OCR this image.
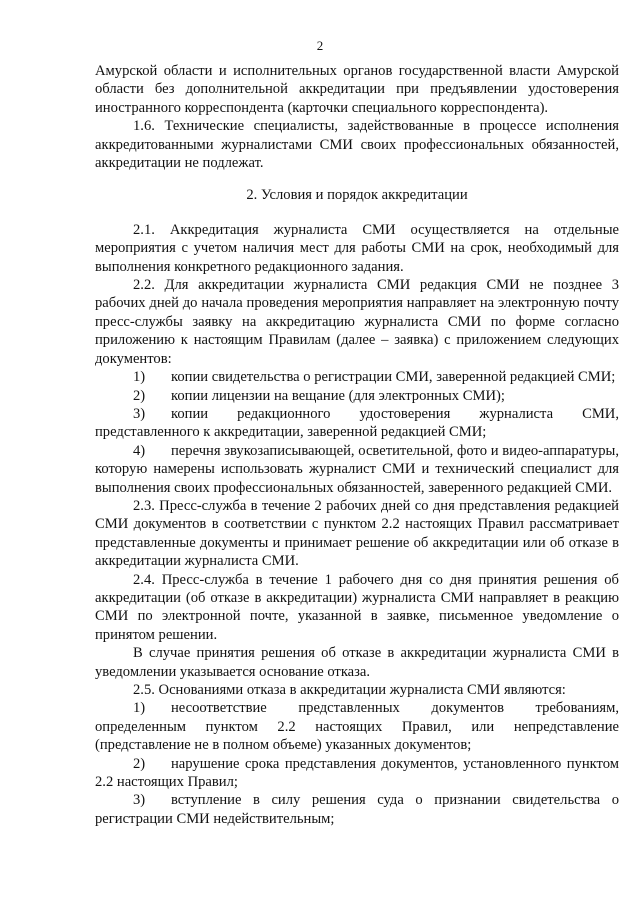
2

Амурской области и исполнительных органов государственной власти Амурской области без дополнительной аккредитации при предъявлении удостоверения иностранного корреспондента (карточки специального корреспондента).

1.6. Технические специалисты, задействованные в процессе исполнения аккредитованными журналистами СМИ своих профессиональных обязанностей, аккредитации не подлежат.

2. Условия и порядок аккредитации

2.1. Аккредитация журналиста СМИ осуществляется на отдельные мероприятия с учетом наличия мест для работы СМИ на срок, необходимый для выполнения конкретного редакционного задания.

2.2. Для аккредитации журналиста СМИ редакция СМИ не позднее 3 рабочих дней до начала проведения мероприятия направляет на электронную почту пресс-службы заявку на аккредитацию журналиста СМИ по форме согласно приложению к настоящим Правилам (далее – заявка) с приложением следующих документов:

1) копии свидетельства о регистрации СМИ, заверенной редакцией СМИ;

2) копии лицензии на вещание (для электронных СМИ);

3) копии редакционного удостоверения журналиста СМИ, представленного к аккредитации, заверенной редакцией СМИ;

4) перечня звукозаписывающей, осветительной, фото и видео-аппаратуры, которую намерены использовать журналист СМИ и технический специалист для выполнения своих профессиональных обязанностей, заверенного редакцией СМИ.

2.3. Пресс-служба в течение 2 рабочих дней со дня представления редакцией СМИ документов в соответствии с пунктом 2.2 настоящих Правил рассматривает представленные документы и принимает решение об аккредитации или об отказе в аккредитации журналиста СМИ.

2.4. Пресс-служба в течение 1 рабочего дня со дня принятия решения об аккредитации (об отказе в аккредитации) журналиста СМИ направляет в реакцию СМИ по электронной почте, указанной в заявке, письменное уведомление о принятом решении.

В случае принятия решения об отказе в аккредитации журналиста СМИ в уведомлении указывается основание отказа.

2.5. Основаниями отказа в аккредитации журналиста СМИ являются:

1) несоответствие представленных документов требованиям, определенным пунктом 2.2 настоящих Правил, или непредставление (представление не в полном объеме) указанных документов;

2) нарушение срока представления документов, установленного пунктом 2.2 настоящих Правил;

3) вступление в силу решения суда о признании свидетельства о регистрации СМИ недействительным;
